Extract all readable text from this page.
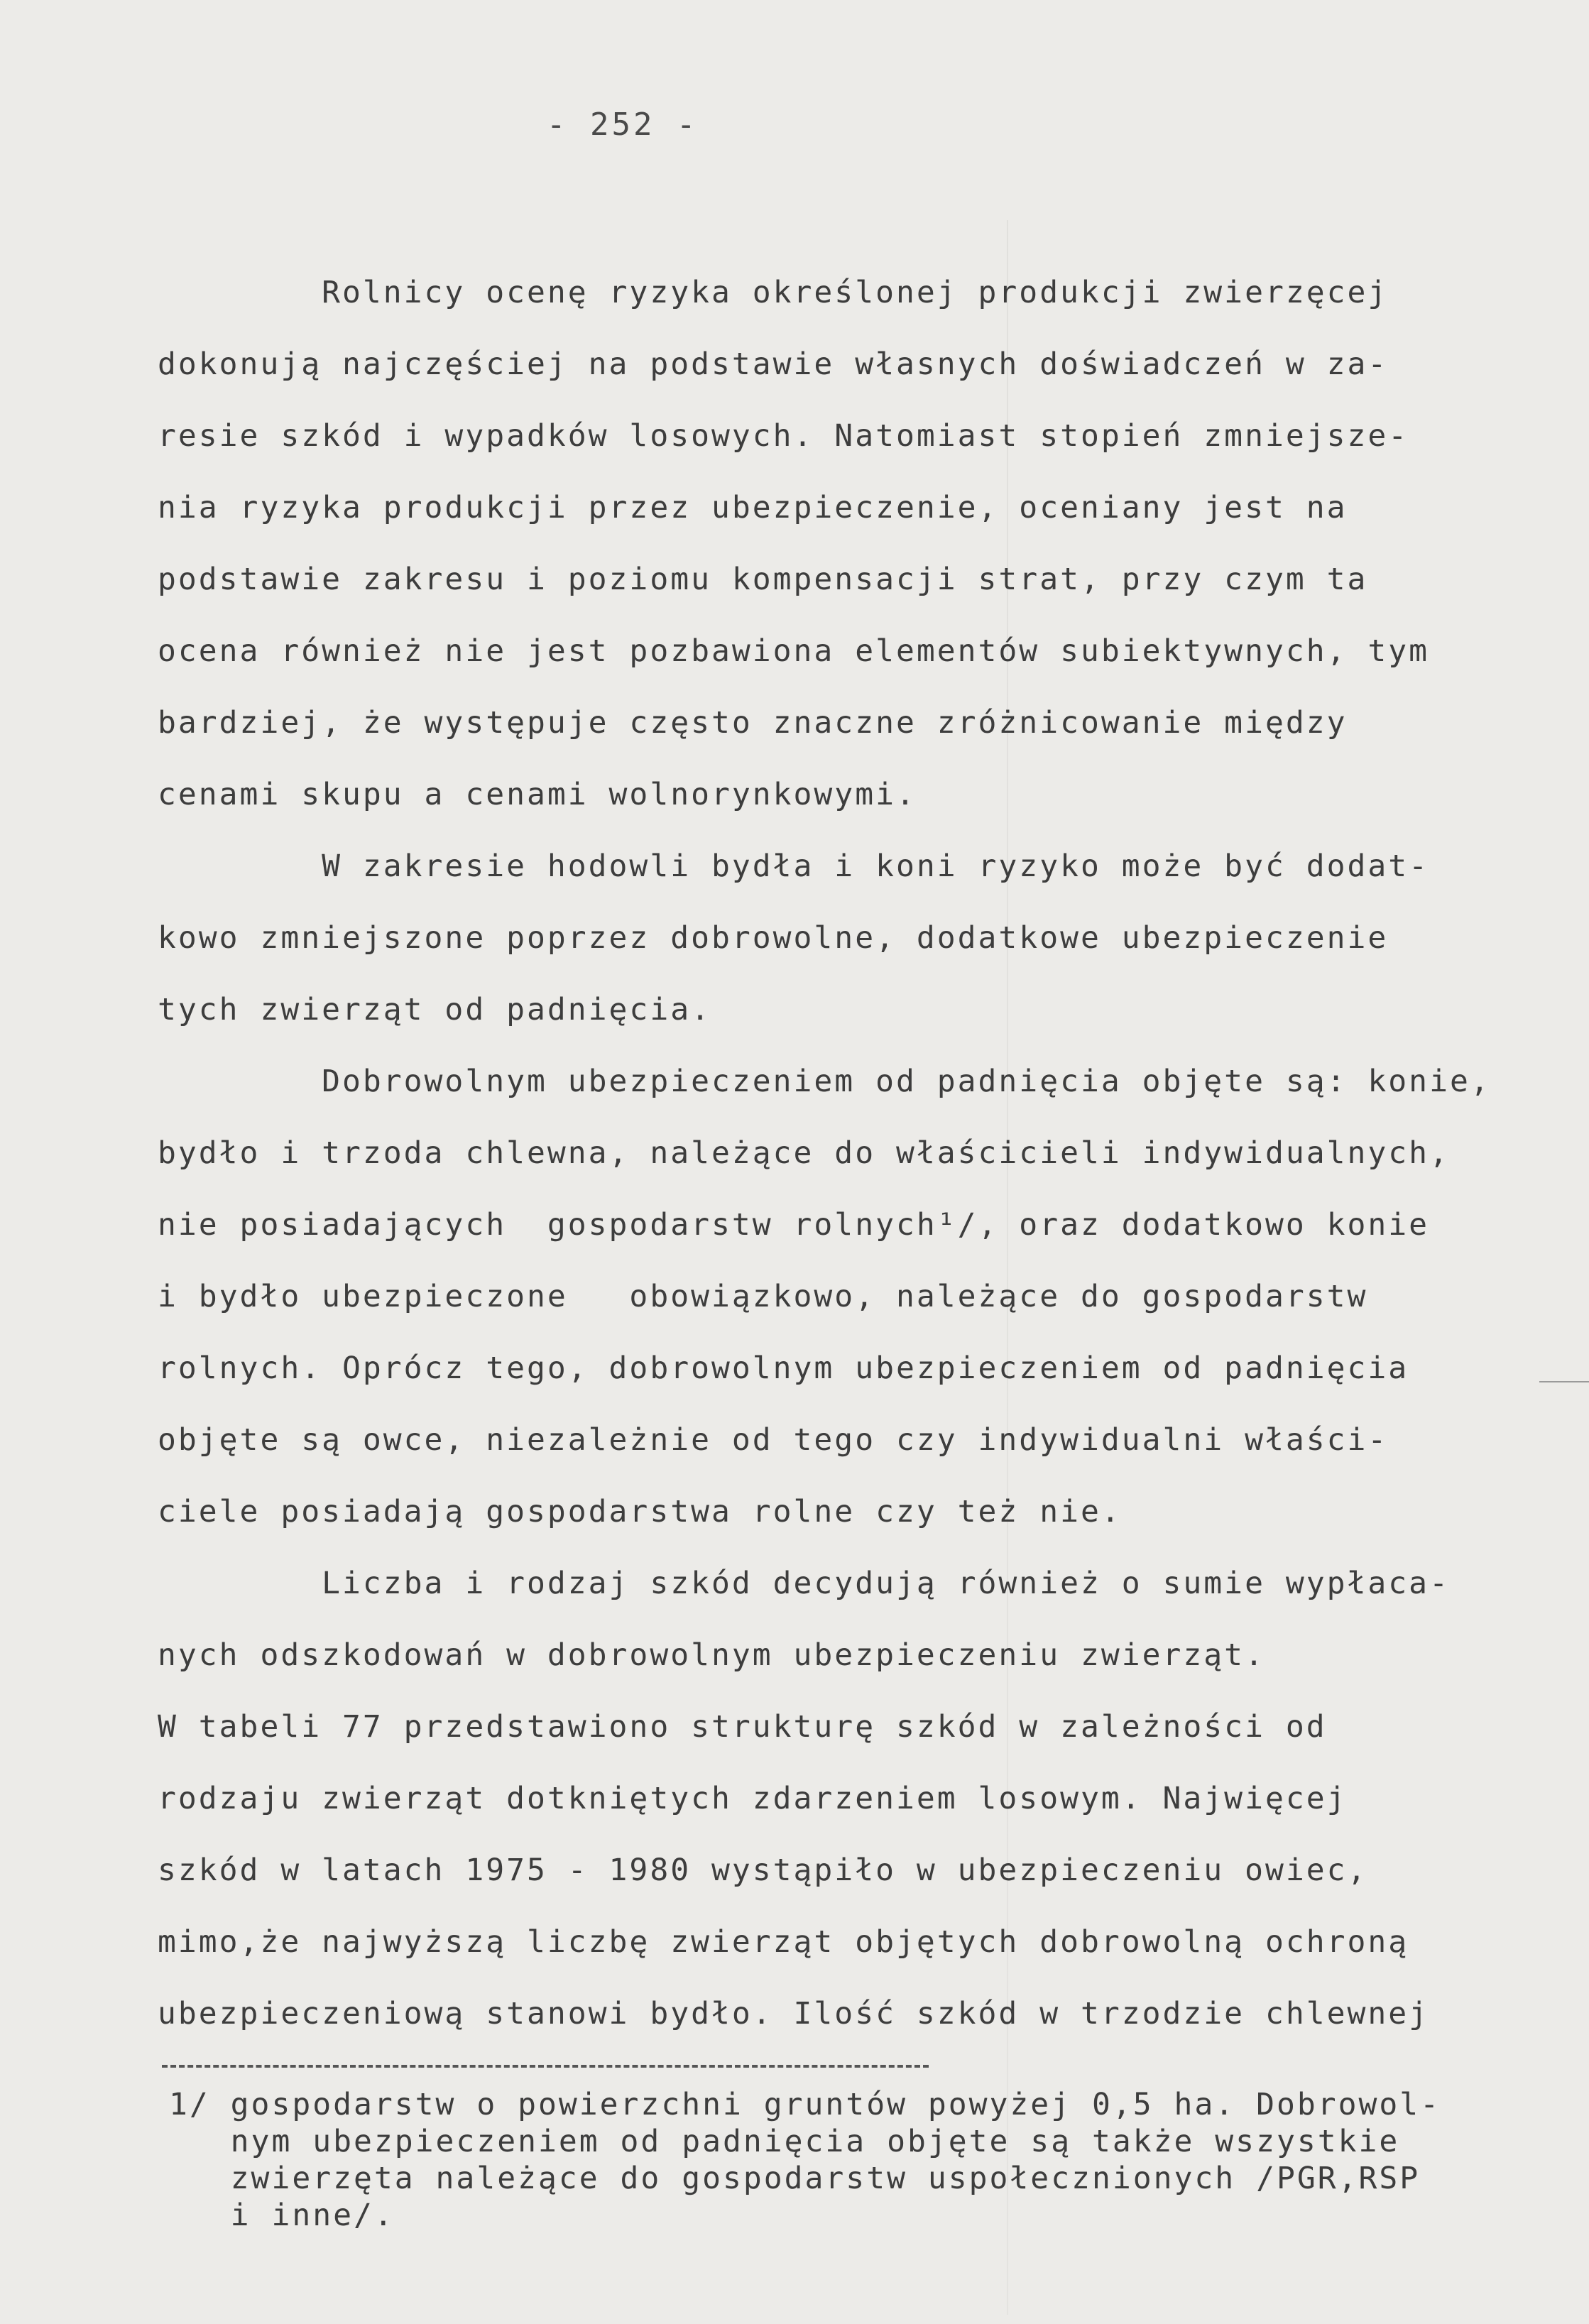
- 252 -
Rolnicy ocenę ryzyka określonej produkcji zwierzęcej
dokonują najczęściej na podstawie własnych doświadczeń w za-
resie szkód i wypadków losowych. Natomiast stopień zmniejsze-
nia ryzyka produkcji przez ubezpieczenie, oceniany jest na
podstawie zakresu i poziomu kompensacji strat, przy czym ta
ocena również nie jest pozbawiona elementów subiektywnych, tym
bardziej, że występuje często znaczne zróżnicowanie między
cenami skupu a cenami wolnorynkowymi.
W zakresie hodowli bydła i koni ryzyko może być dodat-
kowo zmniejszone poprzez dobrowolne, dodatkowe ubezpieczenie
tych zwierząt od padnięcia.
Dobrowolnym ubezpieczeniem od padnięcia objęte są: konie,
bydło i trzoda chlewna, należące do właścicieli indywidualnych,
nie posiadających  gospodarstw rolnych¹/, oraz dodatkowo konie
i bydło ubezpieczone   obowiązkowo, należące do gospodarstw
rolnych. Oprócz tego, dobrowolnym ubezpieczeniem od padnięcia
objęte są owce, niezależnie od tego czy indywidualni właści-
ciele posiadają gospodarstwa rolne czy też nie.
Liczba i rodzaj szkód decydują również o sumie wypłaca-
nych odszkodowań w dobrowolnym ubezpieczeniu zwierząt.
W tabeli 77 przedstawiono strukturę szkód w zależności od
rodzaju zwierząt dotkniętych zdarzeniem losowym. Najwięcej
szkód w latach 1975 - 1980 wystąpiło w ubezpieczeniu owiec,
mimo,że najwyższą liczbę zwierząt objętych dobrowolną ochroną
ubezpieczeniową stanowi bydło. Ilość szkód w trzodzie chlewnej
1/ gospodarstw o powierzchni gruntów powyżej 0,5 ha. Dobrowol-
nym ubezpieczeniem od padnięcia objęte są także wszystkie
zwierzęta należące do gospodarstw uspołecznionych /PGR,RSP
i inne/.
